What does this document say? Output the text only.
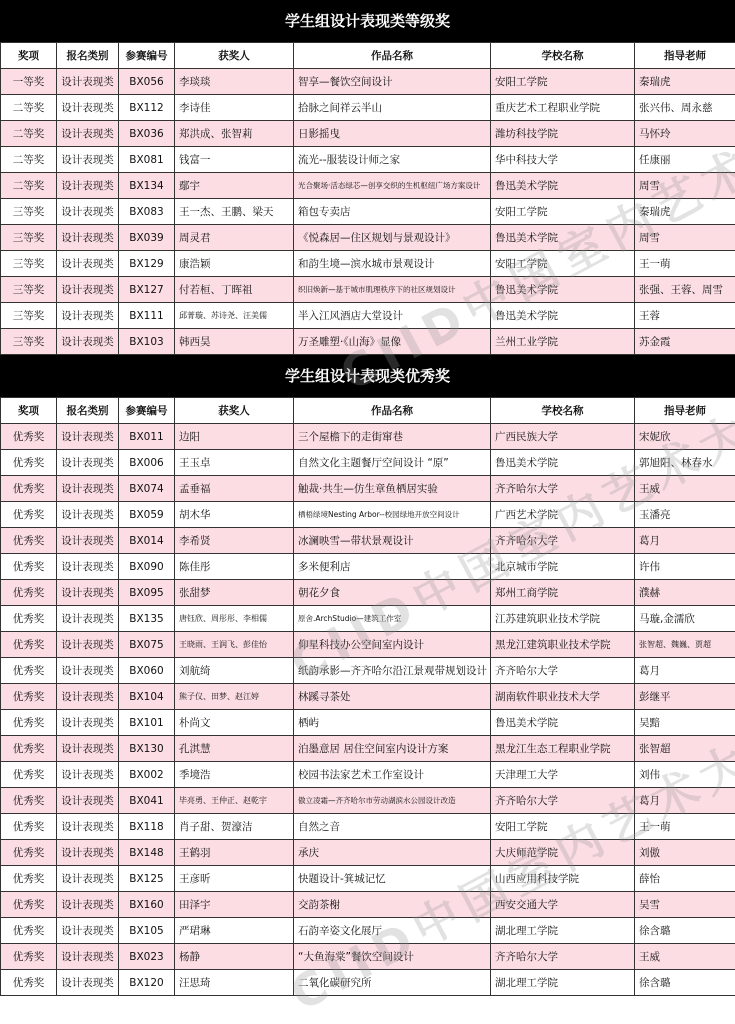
学生组设计表现类等级奖
奖项	报名类别	参赛编号	获奖人	作品名称	学校名称	指导老师
一等奖	设计表现类	BX056	李琰琰	智享—餐饮空间设计	安阳工学院	秦瑞虎
二等奖	设计表现类	BX112	李诗佳	拾脉之间祥云半山	重庆艺术工程职业学院	张兴伟、周永慈
二等奖	设计表现类	BX036	郑洪成、张智莉	日影摇曳	潍坊科技学院	马怀玲
二等奖	设计表现类	BX081	钱富一	流光--服装设计师之家	华中科技大学	任康丽
二等奖	设计表现类	BX134	鄢宇	光合聚场·活态绿芯—创享交织的生机枢纽广场方案设计	鲁迅美术学院	周雪
三等奖	设计表现类	BX083	王一杰、王鹏、梁天	箱包专卖店	安阳工学院	秦瑞虎
三等奖	设计表现类	BX039	周灵君	《悦森居—住区规划与景观设计》	鲁迅美术学院	周雪
三等奖	设计表现类	BX129	康浩颖	和韵生境—滨水城市景观设计	安阳工学院	王一萌
三等奖	设计表现类	BX127	付若桓、丁晖祖	织旧焕新—基于城市肌理秩序下的社区规划设计	鲁迅美术学院	张强、王蓉、周雪
三等奖	设计表现类	BX111	邱菁璇、苏诗尧、汪美儒	半入江风酒店大堂设计	鲁迅美术学院	王蓉
三等奖	设计表现类	BX103	韩西昊	万圣雕塑·《山海》显像	兰州工业学院	苏金霞
学生组设计表现类优秀奖
奖项	报名类别	参赛编号	获奖人	作品名称	学校名称	指导老师
优秀奖	设计表现类	BX011	边阳	三个屋檐下的走街窜巷	广西民族大学	宋妮欣
优秀奖	设计表现类	BX006	王玉卓	自然文化主题餐厅空间设计 “原”	鲁迅美术学院	郭旭阳、林春水
优秀奖	设计表现类	BX074	孟垂福	触裁·共生—仿生章鱼栖居实验	齐齐哈尔大学	王威
优秀奖	设计表现类	BX059	胡木华	栖梧绿境Nesting Arbor--校园绿地开放空间设计	广西艺术学院	玉潘亮
优秀奖	设计表现类	BX014	李希贤	冰澜映雪—带状景观设计	齐齐哈尔大学	葛月
优秀奖	设计表现类	BX090	陈佳彤	多米便利店	北京城市学院	许伟
优秀奖	设计表现类	BX095	张甜梦	朝花夕食	郑州工商学院	濮赫
优秀奖	设计表现类	BX135	唐钰欣、周彤彤、李相儒	原舍.ArchStudio—建筑工作室	江苏建筑职业技术学院	马璇,金濡欣
优秀奖	设计表现类	BX075	王晓雨、王润飞、彭佳怡	仰星科技办公空间室内设计	黑龙江建筑职业技术学院	张智超、魏巍、贾超
优秀奖	设计表现类	BX060	刘航绮	纸韵承影—齐齐哈尔沿江景观带规划设计	齐齐哈尔大学	葛月
优秀奖	设计表现类	BX104	熊子仪、田梦、赵江婷	林蹊寻茶处	湖南软件职业技术大学	彭继平
优秀奖	设计表现类	BX101	朴尚文	栖屿	鲁迅美术学院	吴黯
优秀奖	设计表现类	BX130	孔淇慧	泊墨意居 居住空间室内设计方案	黑龙江生态工程职业学院	张智超
优秀奖	设计表现类	BX002	季境浩	校园书法家艺术工作室设计	天津理工大学	刘伟
优秀奖	设计表现类	BX041	毕亮勇、王仲正、赵乾宇	傲立凌霜—齐齐哈尔市劳动湖滨水公园设计改造	齐齐哈尔大学	葛月
优秀奖	设计表现类	BX118	肖子甜、贺濠洁	自然之音	安阳工学院	王一萌
优秀奖	设计表现类	BX148	王鹤羽	承庆	大庆师范学院	刘傲
优秀奖	设计表现类	BX125	王彦昕	快题设计-箕城记忆	山西应用科技学院	薛怡
优秀奖	设计表现类	BX160	田泽宇	交韵茶榭	西安交通大学	吴雪
优秀奖	设计表现类	BX105	严珺琳	石韵辛姿文化展厅	湖北理工学院	徐含璐
优秀奖	设计表现类	BX023	杨静	“大鱼海棠”餐饮空间设计	齐齐哈尔大学	王威
优秀奖	设计表现类	BX120	汪思琦	二氧化碳研究所	湖北理工学院	徐含璐
